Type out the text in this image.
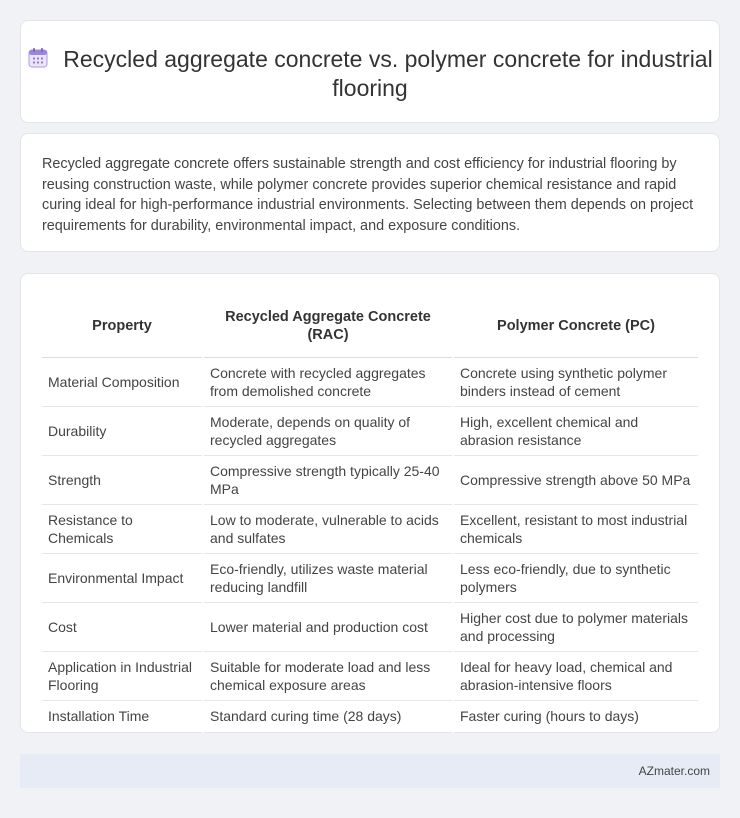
Recycled aggregate concrete vs. polymer concrete for industrial flooring

Recycled aggregate concrete offers sustainable strength and cost efficiency for industrial flooring by reusing construction waste, while polymer concrete provides superior chemical resistance and rapid curing ideal for high-performance industrial environments. Selecting between them depends on project requirements for durability, environmental impact, and exposure conditions.

Property	Recycled Aggregate Concrete (RAC)	Polymer Concrete (PC)
Material Composition	Concrete with recycled aggregates from demolished concrete	Concrete using synthetic polymer binders instead of cement
Durability	Moderate, depends on quality of recycled aggregates	High, excellent chemical and abrasion resistance
Strength	Compressive strength typically 25-40 MPa	Compressive strength above 50 MPa
Resistance to Chemicals	Low to moderate, vulnerable to acids and sulfates	Excellent, resistant to most industrial chemicals
Environmental Impact	Eco-friendly, utilizes waste material reducing landfill	Less eco-friendly, due to synthetic polymers
Cost	Lower material and production cost	Higher cost due to polymer materials and processing
Application in Industrial Flooring	Suitable for moderate load and less chemical exposure areas	Ideal for heavy load, chemical and abrasion-intensive floors
Installation Time	Standard curing time (28 days)	Faster curing (hours to days)
AZmater.com
